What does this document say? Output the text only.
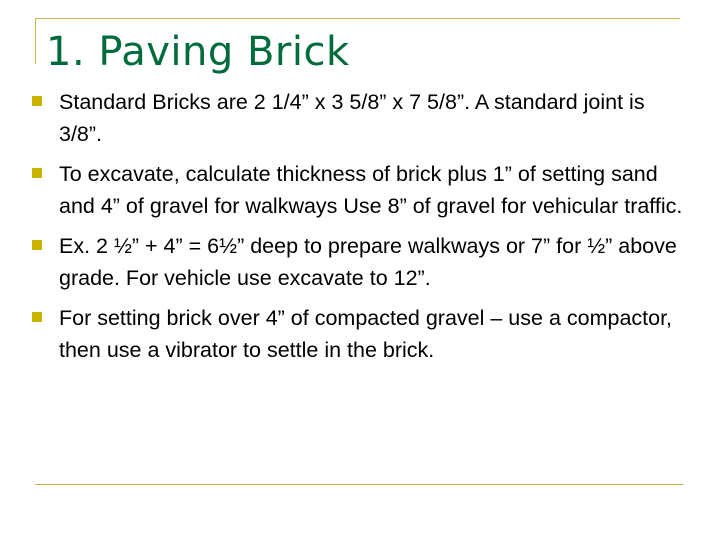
1. Paving Brick
Standard Bricks are 2 1/4” x 3 5/8” x 7 5/8”. A standard joint is 3/8”.
To excavate, calculate thickness of brick plus 1” of setting sand and 4” of gravel for walkways Use 8” of gravel for vehicular traffic.
Ex. 2 ½” + 4” = 6½” deep to prepare walkways or 7” for ½” above grade. For vehicle use excavate to 12”.
For setting brick over 4” of compacted gravel – use a compactor, then use a vibrator to settle in the brick.
